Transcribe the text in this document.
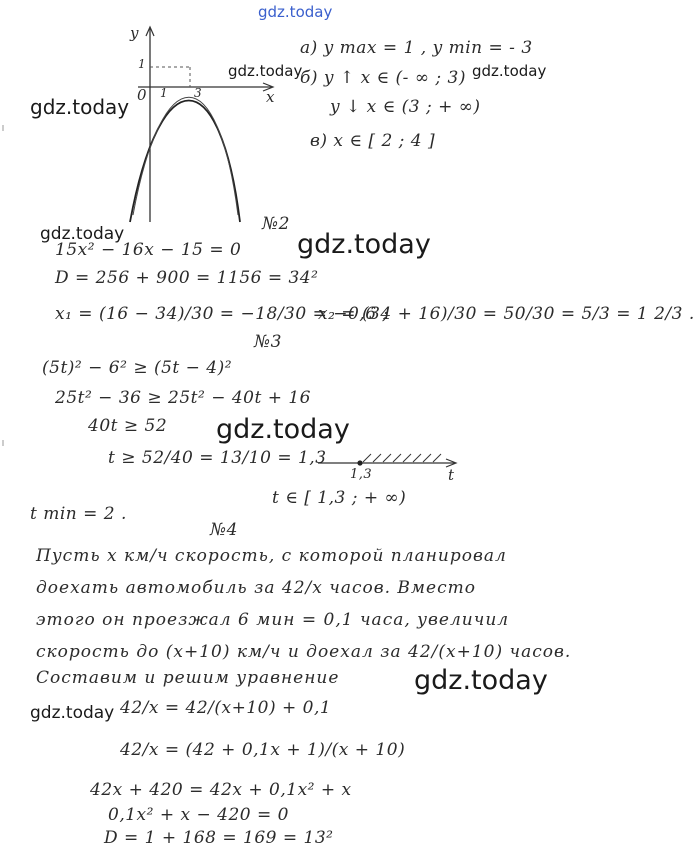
gdz.today
gdz.today	gdz.today
gdz.today
gdz.today	gdz.today
gdz.today
gdz.today
gdz.today
y
x
0
1
1 3
а) y max = 1 , y min = - 3
б) y ↑ x ∈ (- ∞ ; 3)
y ↓ x ∈ (3 ; + ∞)
в) x ∈ [ 2 ; 4 ]
№2
15x² − 16x − 15 = 0
D = 256 + 900 = 1156 = 34²
x₁ = (16 − 34)/30 = −18/30 = −0,6 ;
x₂ = (34 + 16)/30 = 50/30 = 5/3 = 1 2/3 .
№3
(5t)² − 6² ≥ (5t − 4)²
25t² − 36 ≥ 25t² − 40t + 16
40t ≥ 52
t ≥ 52/40 = 13/10 = 1,3
1,3	t
t ∈ [ 1,3 ; + ∞)
t min = 2 .
№4
Пусть x км/ч скорость, с которой планировал
доехать автомобиль за 42/x часов. Вместо
этого он проезжал 6 мин = 0,1 часа, увеличил
скорость до (x+10) км/ч и доехал за 42/(x+10) часов.
Составим и решим уравнение
42/x = 42/(x+10) + 0,1
42/x = (42 + 0,1x + 1)/(x + 10)
42x + 420 = 42x + 0,1x² + x
0,1x² + x − 420 = 0
D = 1 + 168 = 169 = 13²
